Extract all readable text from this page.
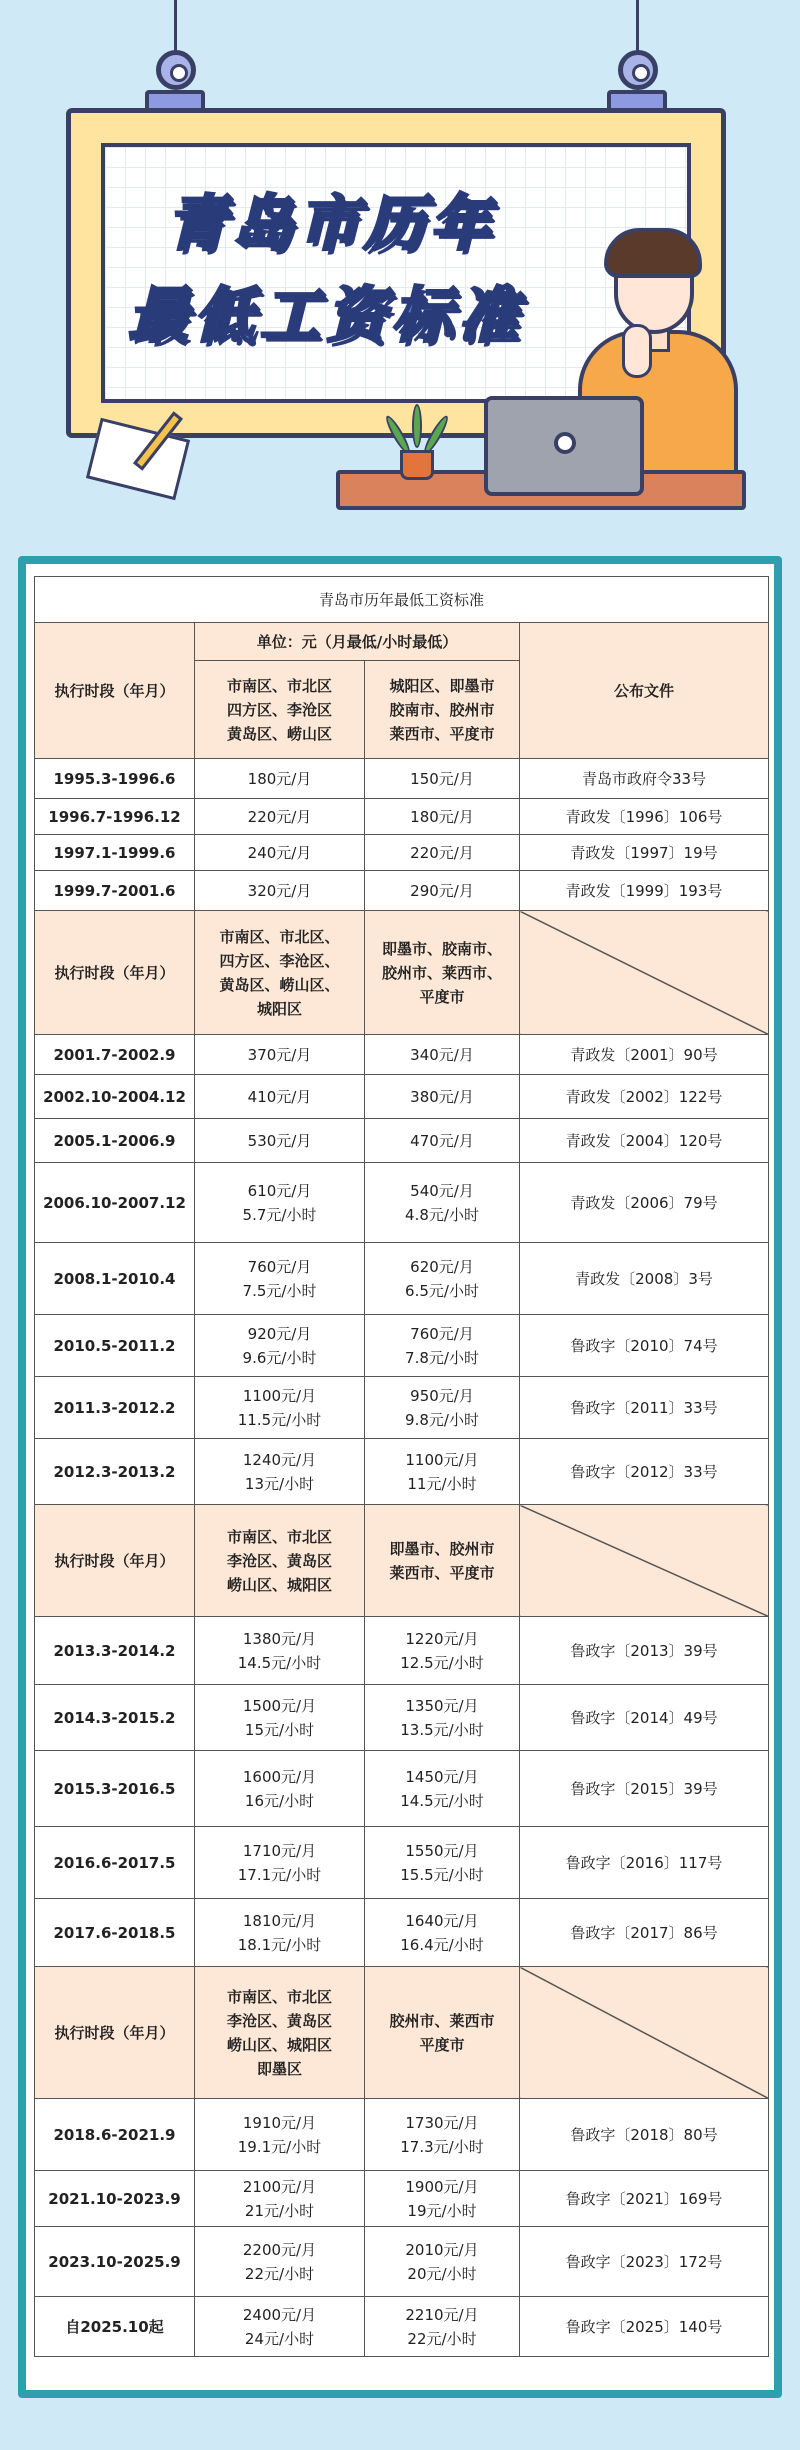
青岛市历年
最低工资标准
青岛市历年最低工资标准			
执行时段（年月）	单位：元（月最低/小时最低）		公布文件
	市南区、市北区
四方区、李沧区
黄岛区、崂山区	城阳区、即墨市
胶南市、胶州市
莱西市、平度市	
1995.3-1996.6	180元/月	150元/月	青岛市政府令33号
1996.7-1996.12	220元/月	180元/月	青政发〔1996〕106号
1997.1-1999.6	240元/月	220元/月	青政发〔1997〕19号
1999.7-2001.6	320元/月	290元/月	青政发〔1999〕193号
执行时段（年月）	市南区、市北区、
四方区、李沧区、
黄岛区、崂山区、
城阳区	即墨市、胶南市、
胶州市、莱西市、
平度市	
2001.7-2002.9	370元/月	340元/月	青政发〔2001〕90号
2002.10-2004.12	410元/月	380元/月	青政发〔2002〕122号
2005.1-2006.9	530元/月	470元/月	青政发〔2004〕120号
2006.10-2007.12	610元/月
5.7元/小时	540元/月
4.8元/小时	青政发〔2006〕79号
2008.1-2010.4	760元/月
7.5元/小时	620元/月
6.5元/小时	青政发〔2008〕3号
2010.5-2011.2	920元/月
9.6元/小时	760元/月
7.8元/小时	鲁政字〔2010〕74号
2011.3-2012.2	1100元/月
11.5元/小时	950元/月
9.8元/小时	鲁政字〔2011〕33号
2012.3-2013.2	1240元/月
13元/小时	1100元/月
11元/小时	鲁政字〔2012〕33号
执行时段（年月）	市南区、市北区
李沧区、黄岛区
崂山区、城阳区	即墨市、胶州市
莱西市、平度市	
2013.3-2014.2	1380元/月
14.5元/小时	1220元/月
12.5元/小时	鲁政字〔2013〕39号
2014.3-2015.2	1500元/月
15元/小时	1350元/月
13.5元/小时	鲁政字〔2014〕49号
2015.3-2016.5	1600元/月
16元/小时	1450元/月
14.5元/小时	鲁政字〔2015〕39号
2016.6-2017.5	1710元/月
17.1元/小时	1550元/月
15.5元/小时	鲁政字〔2016〕117号
2017.6-2018.5	1810元/月
18.1元/小时	1640元/月
16.4元/小时	鲁政字〔2017〕86号
执行时段（年月）	市南区、市北区
李沧区、黄岛区
崂山区、城阳区
即墨区	胶州市、莱西市
平度市	
2018.6-2021.9	1910元/月
19.1元/小时	1730元/月
17.3元/小时	鲁政字〔2018〕80号
2021.10-2023.9	2100元/月
21元/小时	1900元/月
19元/小时	鲁政字〔2021〕169号
2023.10-2025.9	2200元/月
22元/小时	2010元/月
20元/小时	鲁政字〔2023〕172号
自2025.10起	2400元/月
24元/小时	2210元/月
22元/小时	鲁政字〔2025〕140号
